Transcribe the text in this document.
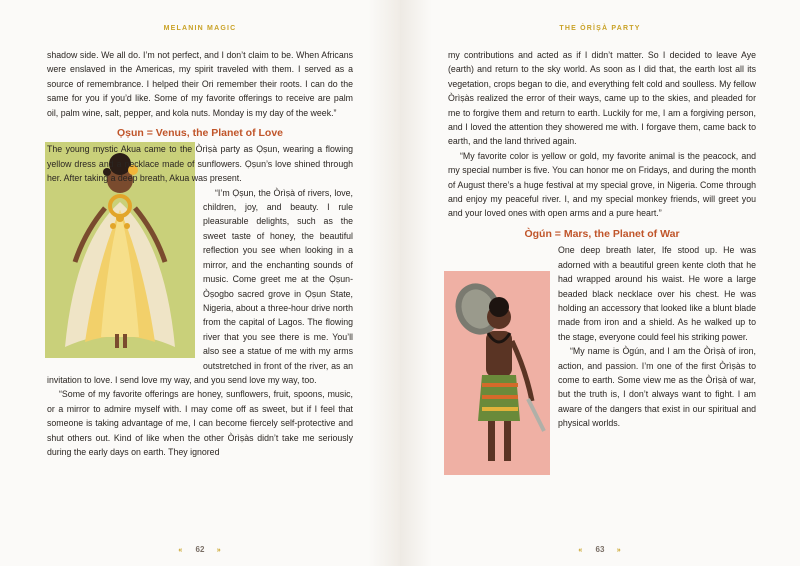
MELANIN MAGIC

shadow side. We all do. I’m not perfect, and I don’t claim to be. When Africans were enslaved in the Americas, my spirit traveled with them. I served as a source of remembrance. I helped their Ori remember their roots. I can do the same for you if you’d like. Some of my favorite offerings to receive are palm oil, palm wine, salt, pepper, and kola nuts. Monday is my day of the week.”

Ọṣun = Venus, the Planet of Love

The young mystic Akua came to the Òrìṣà party as Ọṣun, wearing a flowing yellow dress and a necklace made of sunflowers. Ọṣun’s love shined through her. After taking a deep breath, Akua was present.

“I’m Ọṣun, the Òrìṣà of rivers, love, children, joy, and beauty. I rule pleasurable delights, such as the sweet taste of honey, the beautiful reflection you see when looking in a mirror, and the enchanting sounds of music. Come greet me at the Ọṣun-Òṣogbo sacred grove in Ọṣun State, Nigeria, about a three-hour drive north from the capital of Lagos. The flowing river that you see there is me. You’ll also see a statue of me with my arms outstretched in front of the river, as an invitation to love. I send love my way, and you send love my way, too.

“Some of my favorite offerings are honey, sunflowers, fruit, spoons, music, or a mirror to admire myself with. I may come off as sweet, but if I feel that someone is taking advantage of me, I can become fiercely self-protective and shut others out. Kind of like when the other Òrìṣàs didn’t take me seriously during the early days on earth. They ignored

« 62 »
THE ÒRÌṢÀ PARTY

my contributions and acted as if I didn’t matter. So I decided to leave Aye (earth) and return to the sky world. As soon as I did that, the earth lost all its vegetation, crops began to die, and everything felt cold and soulless. My fellow Òrìṣàs realized the error of their ways, came up to the skies, and pleaded for me to forgive them and return to earth. Luckily for me, I am a forgiving person, and I loved the attention they showered me with. I forgave them, came back to earth, and the land thrived again.

“My favorite color is yellow or gold, my favorite animal is the peacock, and my special number is five. You can honor me on Fridays, and during the month of August there’s a huge festival at my special grove, in Nigeria. Come through and enjoy my peaceful river. I, and my special monkey friends, will greet you and your loved ones with open arms and a pure heart.”

Ògún = Mars, the Planet of War

One deep breath later, Ife stood up. He was adorned with a beautiful green kente cloth that he had wrapped around his waist. He wore a large beaded black necklace over his chest. He was holding an accessory that looked like a blunt blade made from iron and a shield. As he walked up to the stage, everyone could feel his striking power.

“My name is Ògún, and I am the Òrìṣà of iron, action, and passion. I’m one of the first Òrìṣàs to come to earth. Some view me as the Òrìṣà of war, but the truth is, I don’t always want to fight. I am aware of the dangers that exist in our spiritual and physical worlds.

« 63 »
